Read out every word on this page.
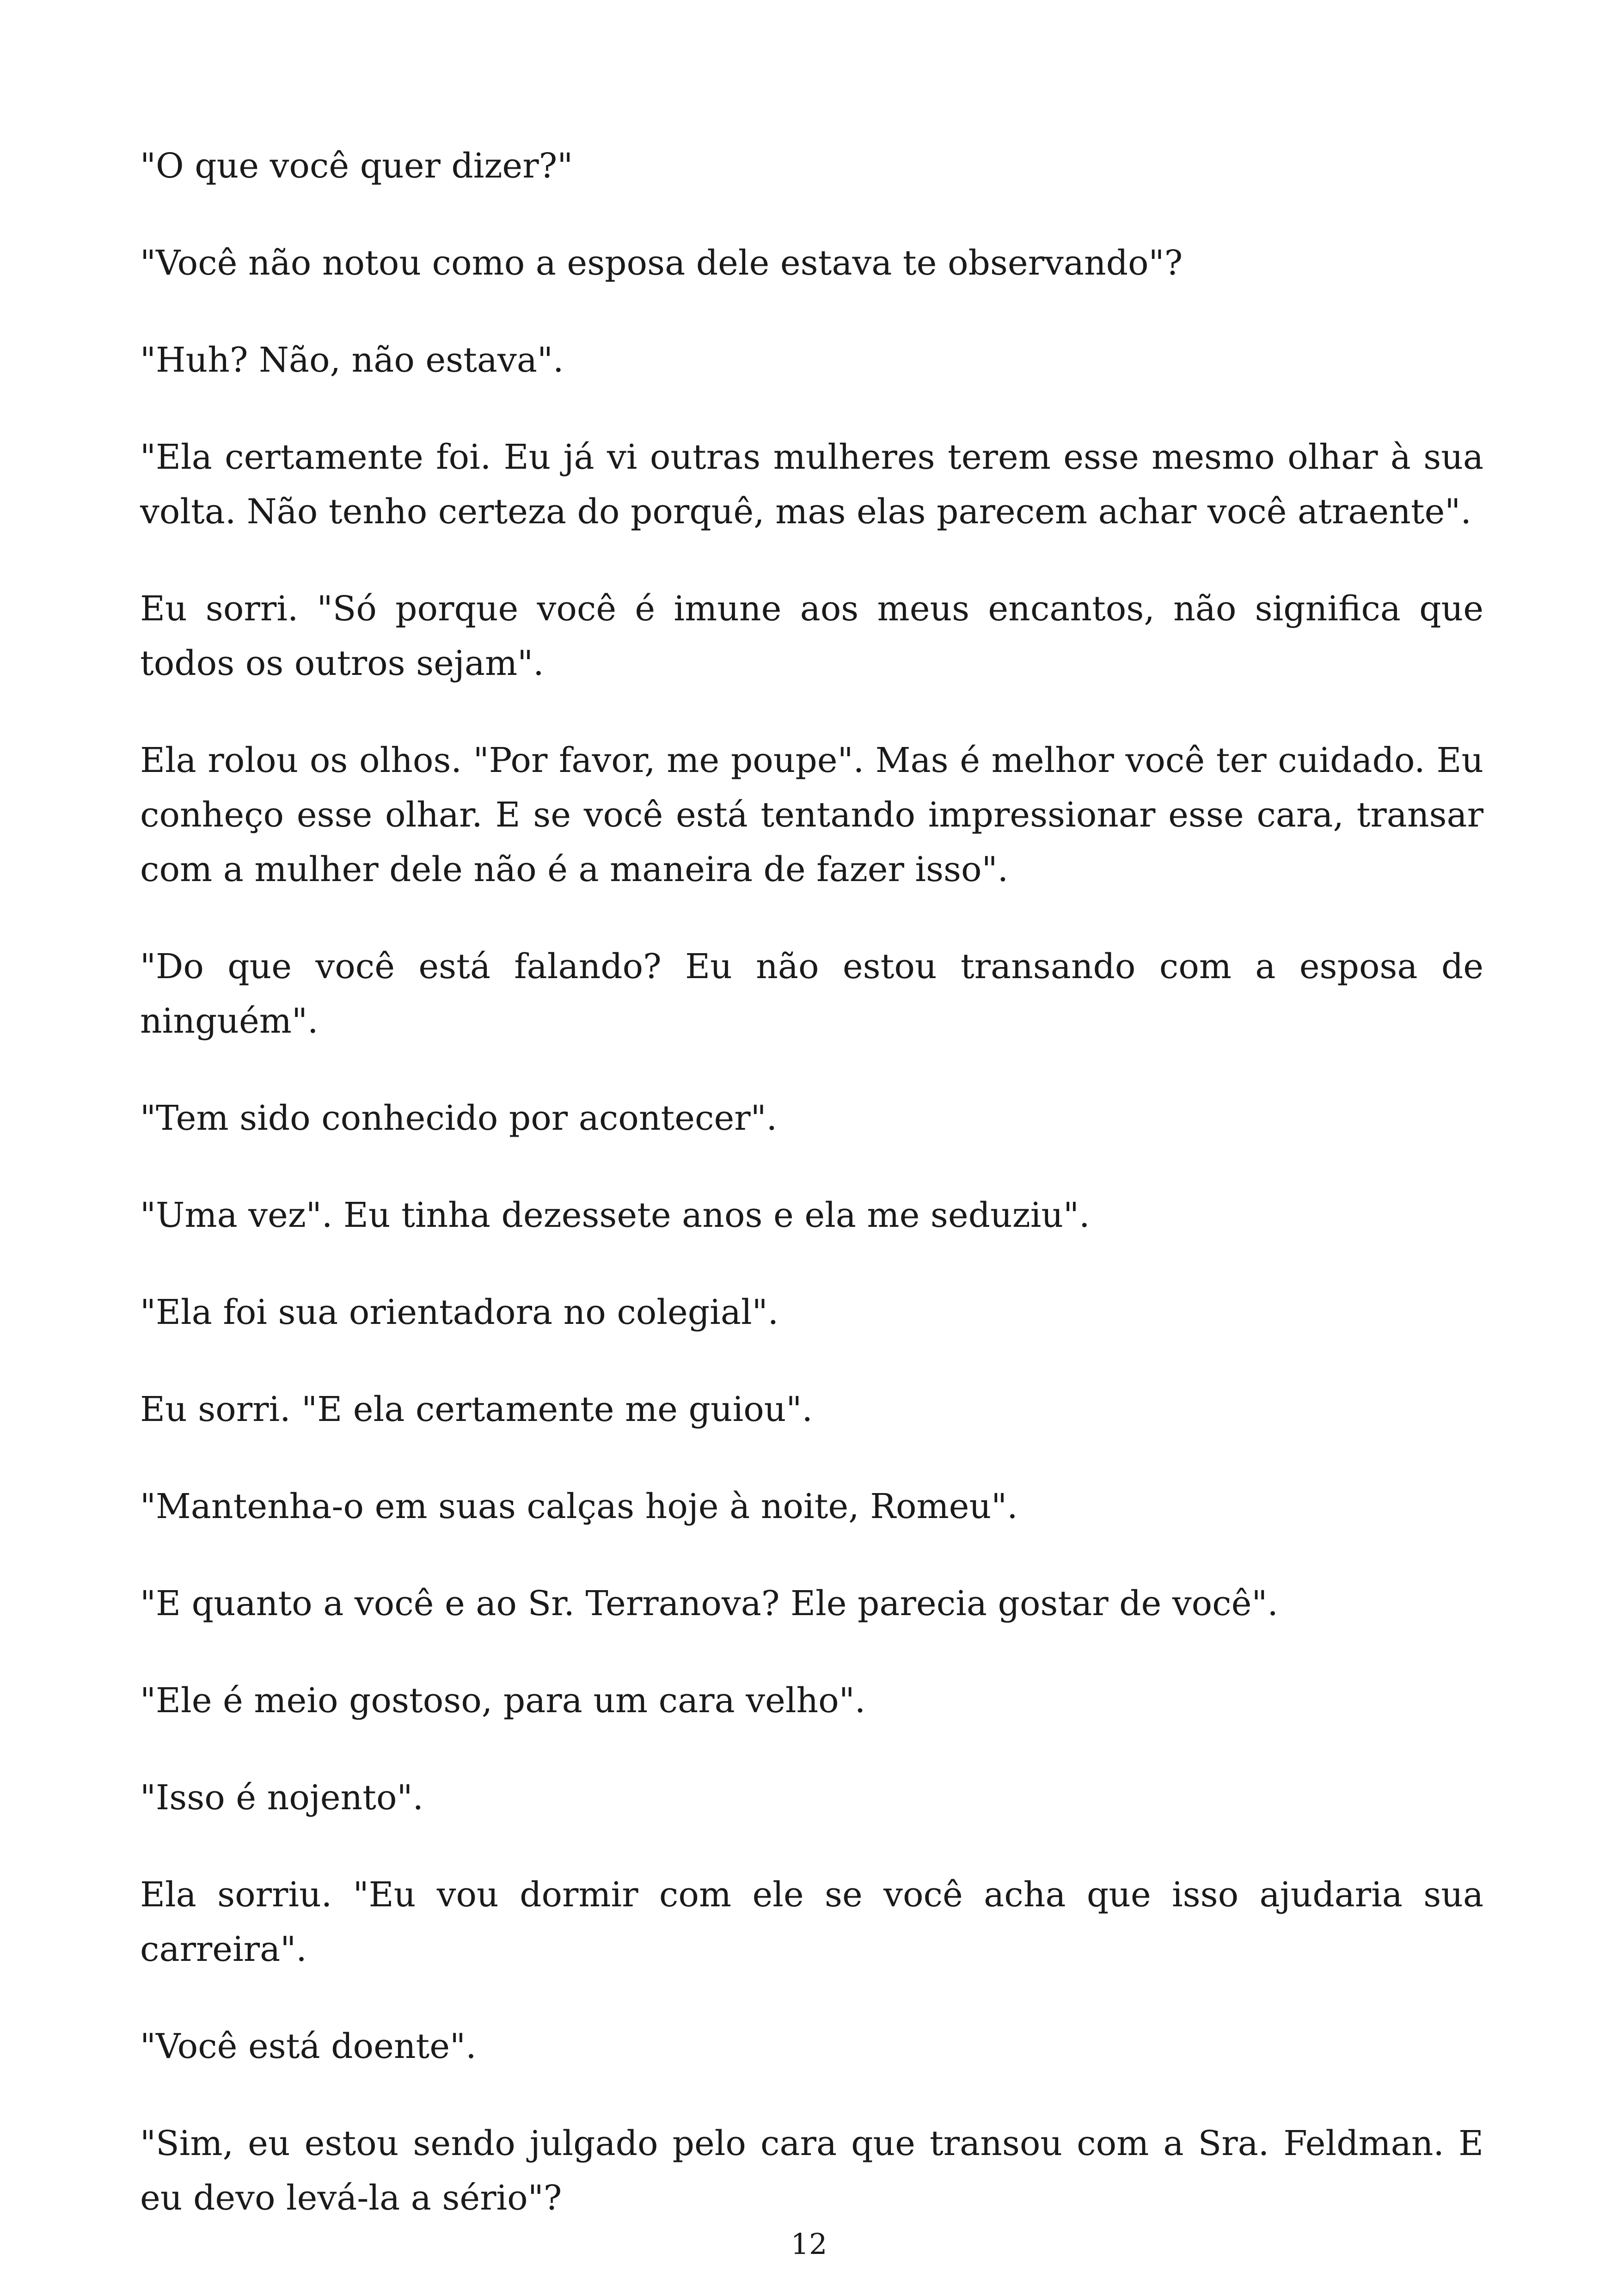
"O que você quer dizer?"

"Você não notou como a esposa dele estava te observando"?

"Huh? Não, não estava".

"Ela certamente foi. Eu já vi outras mulheres terem esse mesmo olhar à sua volta. Não tenho certeza do porquê, mas elas parecem achar você atraente".

Eu sorri. "Só porque você é imune aos meus encantos, não significa que todos os outros sejam".

Ela rolou os olhos. "Por favor, me poupe". Mas é melhor você ter cuidado. Eu conheço esse olhar. E se você está tentando impressionar esse cara, transar com a mulher dele não é a maneira de fazer isso".

"Do que você está falando? Eu não estou transando com a esposa de ninguém".

"Tem sido conhecido por acontecer".

"Uma vez". Eu tinha dezessete anos e ela me seduziu".

"Ela foi sua orientadora no colegial".

Eu sorri. "E ela certamente me guiou".

"Mantenha-o em suas calças hoje à noite, Romeu".

"E quanto a você e ao Sr. Terranova? Ele parecia gostar de você".

"Ele é meio gostoso, para um cara velho".

"Isso é nojento".

Ela sorriu. "Eu vou dormir com ele se você acha que isso ajudaria sua carreira".

"Você está doente".

"Sim, eu estou sendo julgado pelo cara que transou com a Sra. Feldman. E eu devo levá-la a sério"?

12
